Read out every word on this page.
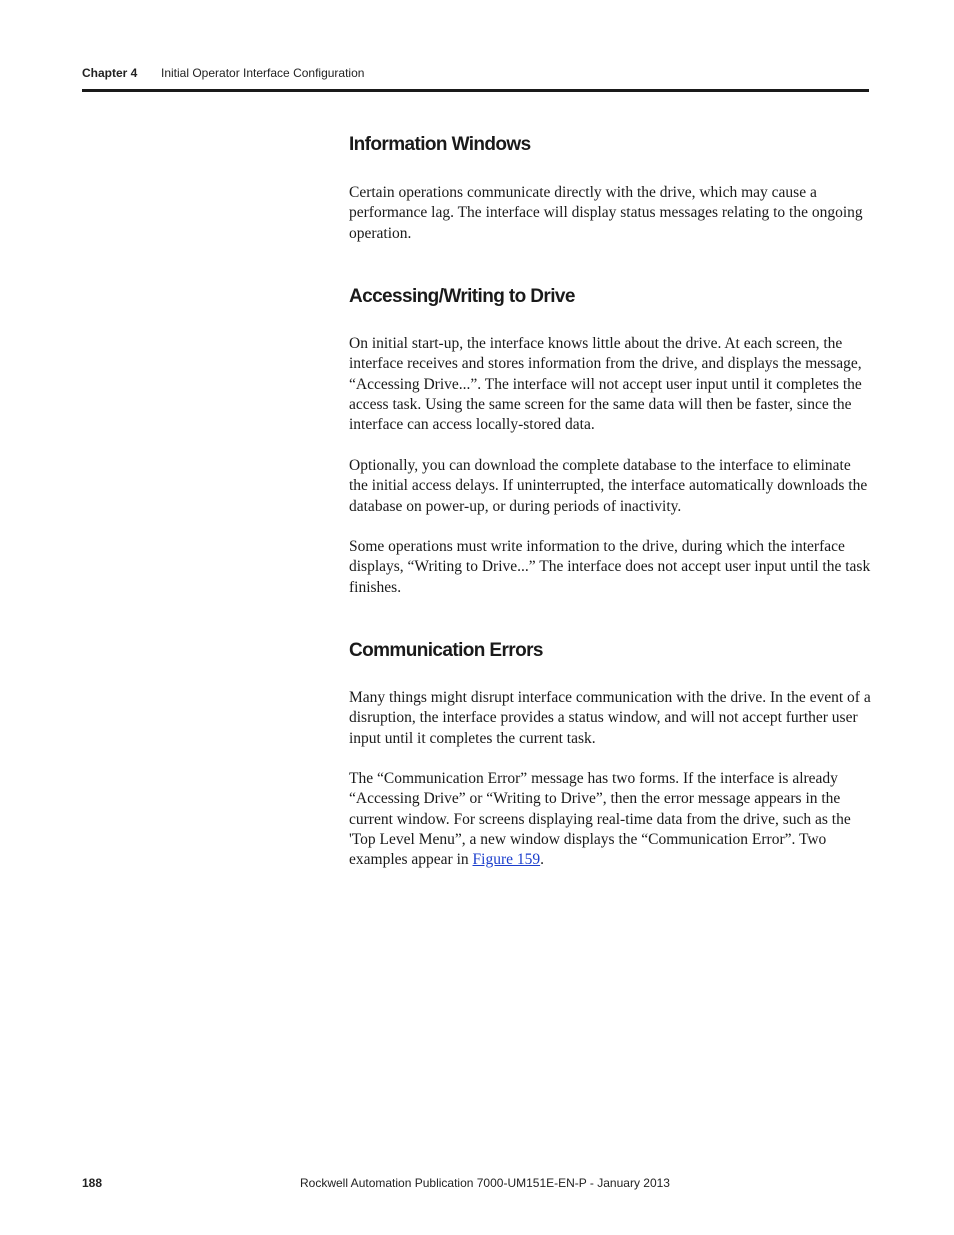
Chapter 4 Initial Operator Interface Configuration
Information Windows

Certain operations communicate directly with the drive, which may cause a performance lag. The interface will display status messages relating to the ongoing operation.

Accessing/Writing to Drive

On initial start-up, the interface knows little about the drive. At each screen, the interface receives and stores information from the drive, and displays the message, “Accessing Drive...”. The interface will not accept user input until it completes the access task. Using the same screen for the same data will then be faster, since the interface can access locally-stored data.

Optionally, you can download the complete database to the interface to eliminate the initial access delays. If uninterrupted, the interface automatically downloads the database on power-up, or during periods of inactivity.

Some operations must write information to the drive, during which the interface displays, “Writing to Drive...” The interface does not accept user input until the task finishes.

Communication Errors

Many things might disrupt interface communication with the drive. In the event of a disruption, the interface provides a status window, and will not accept further user input until it completes the current task.

The “Communication Error” message has two forms. If the interface is already “Accessing Drive” or “Writing to Drive”, then the error message appears in the current window. For screens displaying real-time data from the drive, such as the 'Top Level Menu”, a new window displays the “Communication Error”. Two examples appear in Figure 159.

188	Rockwell Automation Publication 7000-UM151E-EN-P - January 2013
